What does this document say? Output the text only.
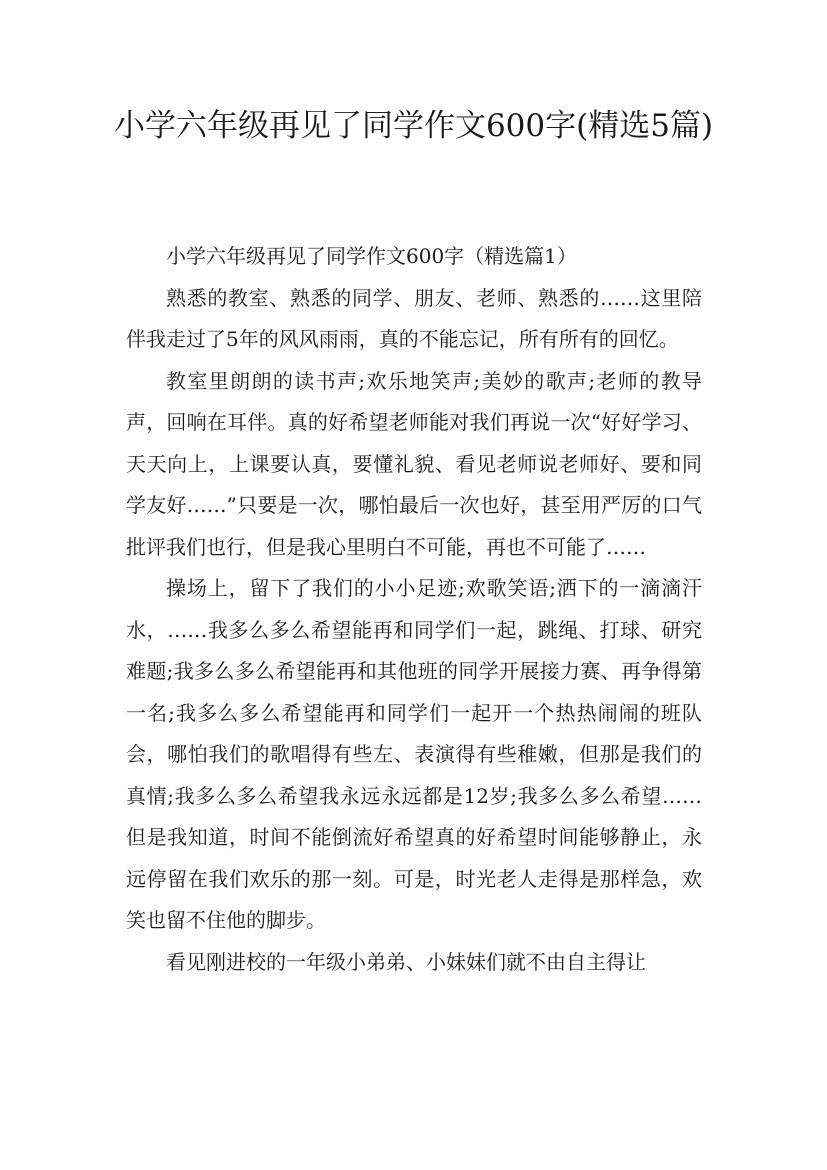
小学六年级再见了同学作文600字(精选5篇)

小学六年级再见了同学作文600字（精选篇1）

熟悉的教室、熟悉的同学、朋友、老师、熟悉的……这里陪伴我走过了5年的风风雨雨，真的不能忘记，所有所有的回忆。

教室里朗朗的读书声;欢乐地笑声;美妙的歌声;老师的教导声，回响在耳伴。真的好希望老师能对我们再说一次“好好学习、天天向上，上课要认真，要懂礼貌、看见老师说老师好、要和同学友好……”只要是一次，哪怕最后一次也好，甚至用严厉的口气批评我们也行，但是我心里明白不可能，再也不可能了……

操场上，留下了我们的小小足迹;欢歌笑语;洒下的一滴滴汗水，……我多么多么希望能再和同学们一起，跳绳、打球、研究难题;我多么多么希望能再和其他班的同学开展接力赛、再争得第一名;我多么多么希望能再和同学们一起开一个热热闹闹的班队会，哪怕我们的歌唱得有些左、表演得有些稚嫩，但那是我们的真情;我多么多么希望我永远永远都是12岁;我多么多么希望……但是我知道，时间不能倒流好希望真的好希望时间能够静止，永远停留在我们欢乐的那一刻。可是，时光老人走得是那样急，欢笑也留不住他的脚步。

看见刚进校的一年级小弟弟、小妹妹们就不由自主得让
